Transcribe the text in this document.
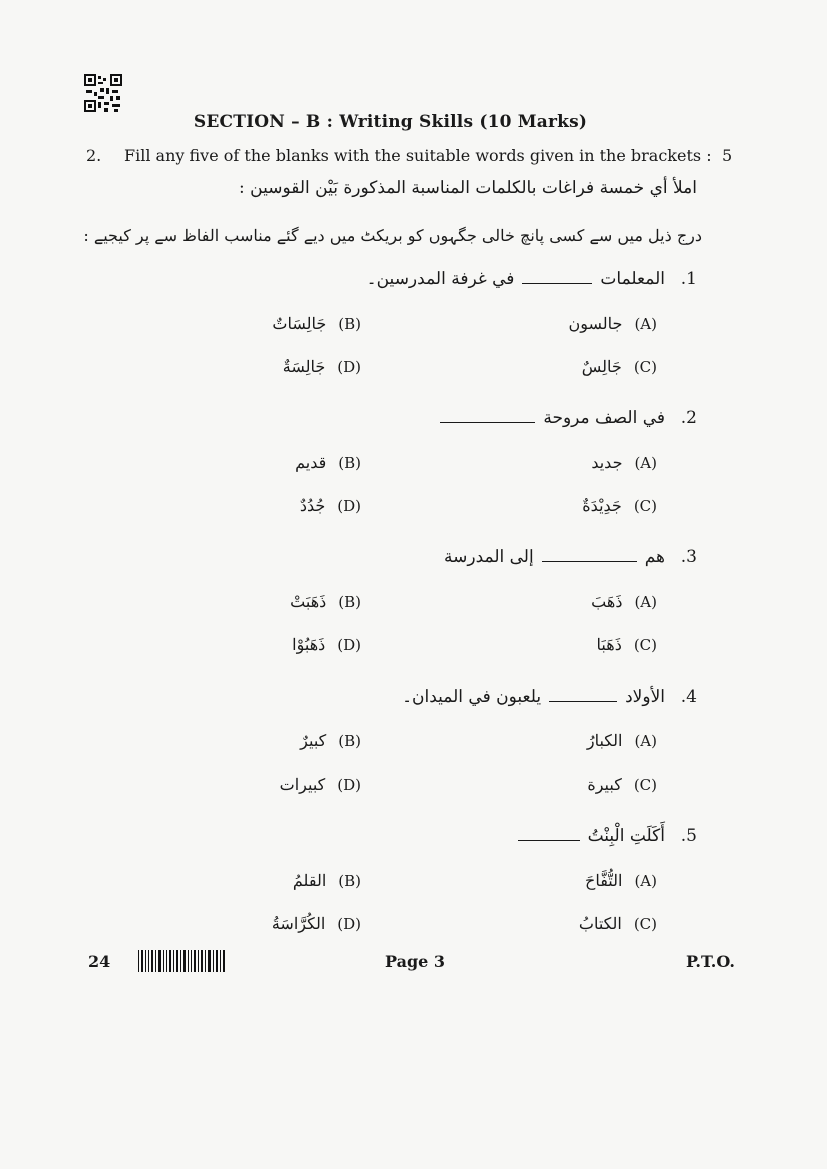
SECTION – B : Writing Skills (10 Marks)
2. Fill any five of the blanks with the suitable words given in the brackets : 5
املأ أي خمسة فراغات بالكلمات المناسبة المذكورة بَيْن القوسين :
درج ذیل میں سے کسی پانچ خالی جگہوں کو بریکٹ میں دیے گئے مناسب الفاظ سے پر کیجیے :
.1
المعلمات
في غرفة المدرسين۔
(A)
جالسون
(B)
جَالِسَاتٌ
(C)
جَالِسٌ
(D)
جَالِسَةٌ
.2
في الصف مروحة
(A)
جديد
(B)
قديم
(C)
جَدِيْدَةٌ
(D)
جُدُدٌ
.3
هم
إلى المدرسة
(A)
ذَهَبَ
(B)
ذَهَبَتْ
(C)
ذَهَبَا
(D)
ذَهَبُوْا
.4
الأولاد
يلعبون في الميدان۔
(A)
الكبارُ
(B)
كبيرٌ
(C)
كبيرة
(D)
كبيرات
.5
أَكَلَتِ الْبِنْتُ
(A)
التُّفَّاحَ
(B)
القلمُ
(C)
الكتابُ
(D)
الكُرَّاسَةُ
24	Page 3	P.T.O.
